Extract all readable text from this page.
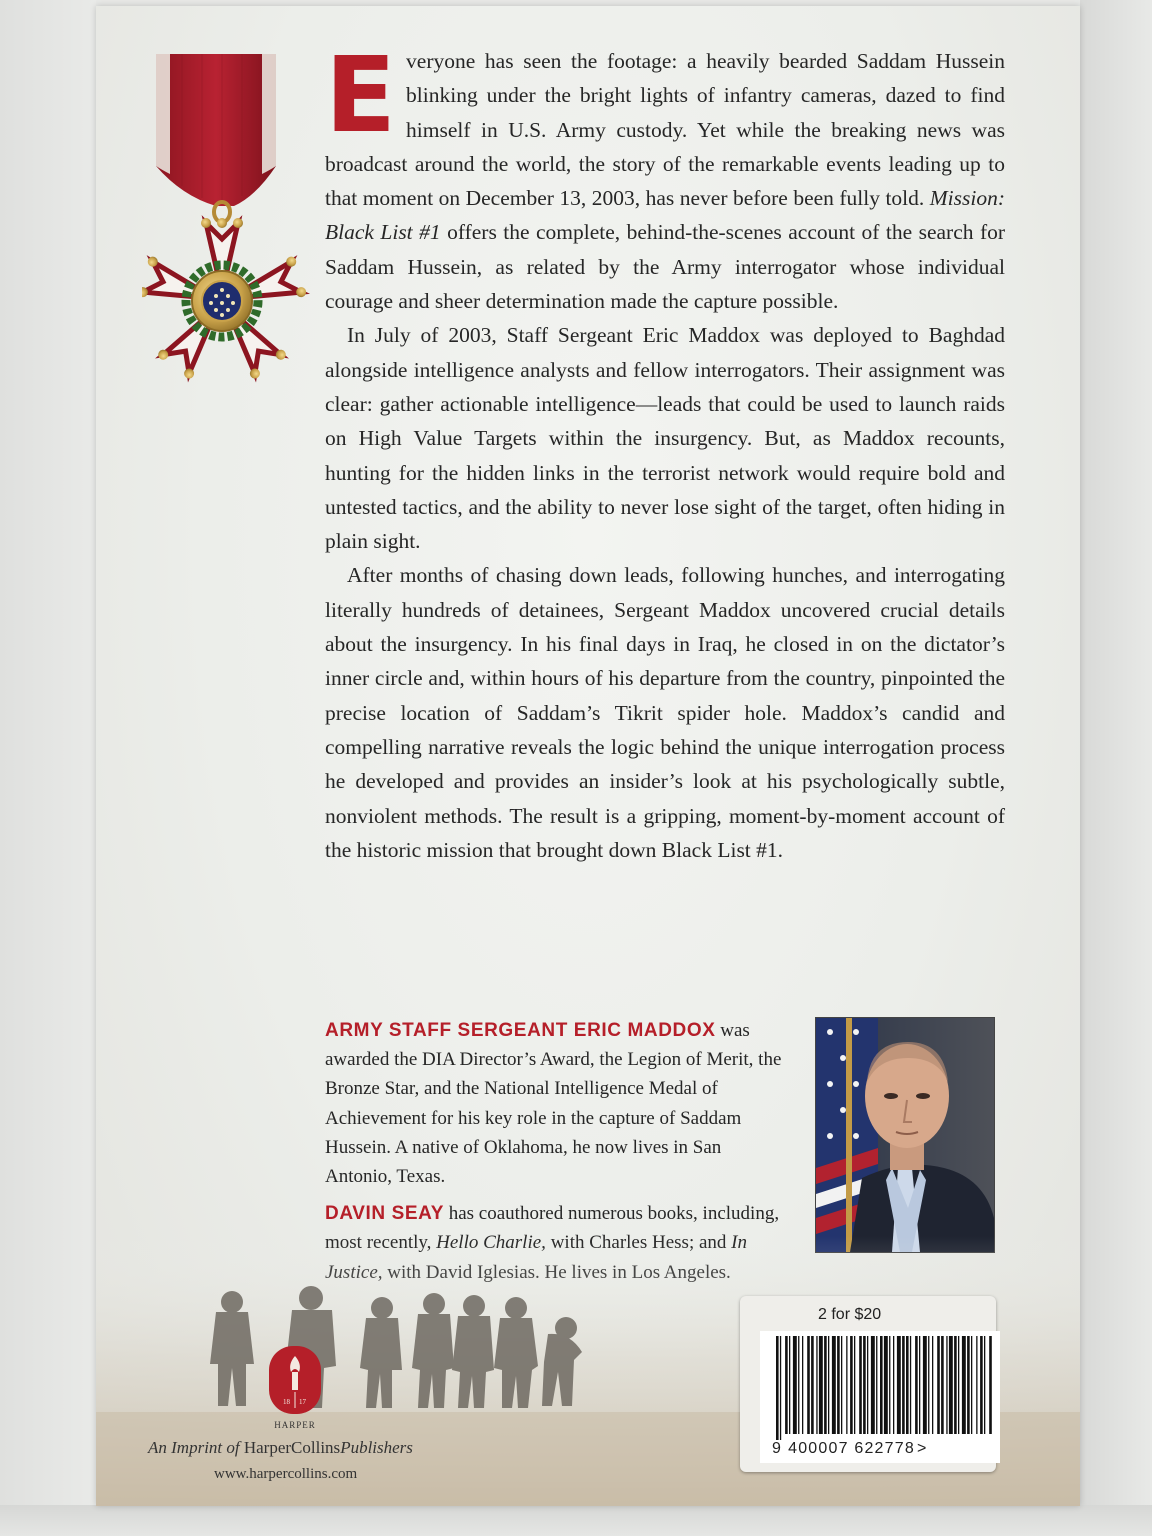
Everyone has seen the footage: a heavily bearded Saddam Hussein blinking under the bright lights of infantry cameras, dazed to find himself in U.S. Army custody. Yet while the breaking news was broadcast around the world, the story of the remarkable events leading up to that moment on December 13, 2003, has never before been fully told. Mission: Black List #1 offers the complete, behind-the-scenes account of the search for Saddam Hussein, as related by the Army interrogator whose individual courage and sheer determination made the capture possible.

In July of 2003, Staff Sergeant Eric Maddox was deployed to Baghdad alongside intelligence analysts and fellow interrogators. Their assignment was clear: gather actionable intelligence—leads that could be used to launch raids on High Value Targets within the insurgency. But, as Maddox recounts, hunting for the hidden links in the terrorist network would require bold and untested tactics, and the ability to never lose sight of the target, often hiding in plain sight.

After months of chasing down leads, following hunches, and interrogating literally hundreds of detainees, Sergeant Maddox uncovered crucial details about the insurgency. In his final days in Iraq, he closed in on the dictator’s inner circle and, within hours of his departure from the country, pinpointed the precise location of Saddam’s Tikrit spider hole. Maddox’s candid and compelling narrative reveals the logic behind the unique interrogation process he developed and provides an insider’s look at his psychologically subtle, nonviolent methods. The result is a gripping, moment-by-moment account of the historic mission that brought down Black List #1.

ARMY STAFF SERGEANT ERIC MADDOX was awarded the DIA Director’s Award, the Legion of Merit, the Bronze Star, and the National Intelligence Medal of Achievement for his key role in the capture of Saddam Hussein. A native of Oklahoma, he now lives in San Antonio, Texas.

DAVIN SEAY has coauthored numerous books, including,

18 17
HARPER
An Imprint of HarperCollinsPublishers
www.harpercollins.com
2 for $20
9 400007 622778 >
